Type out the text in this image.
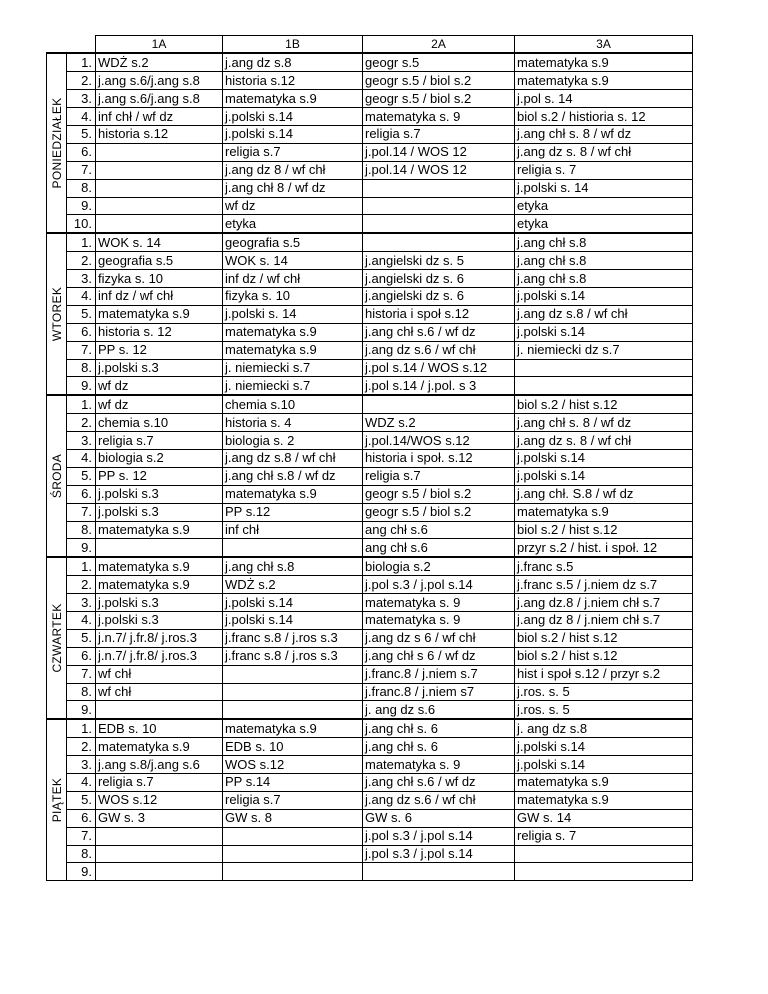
		1A	1B	2A	3A

PONIEDZIAŁEK	1.	WDŻ s.2	j.ang dz s.8	geogr s.5	matematyka s.9
	2.	j.ang s.6/j.ang s.8	historia s.12	geogr s.5 / biol s.2	matematyka s.9
	3.	j.ang s.6/j.ang s.8	matematyka s.9	geogr s.5 / biol s.2	j.pol s. 14
	4.	inf chł / wf dz	j.polski s.14	matematyka s. 9	biol s.2 / histioria s. 12
	5.	historia s.12	j.polski s.14	religia s.7	j.ang chł s. 8 / wf dz
	6.		religia s.7	j.pol.14 / WOS 12	j.ang dz s. 8 / wf chł
	7.		j.ang dz 8 / wf chł	j.pol.14 / WOS 12	religia s. 7
	8.		j.ang chł 8 / wf dz		j.polski s. 14
	9.		wf dz		etyka
	10.		etyka		etyka

WTOREK	1.	WOK s. 14	geografia s.5		j.ang chł s.8
	2.	geografia s.5	WOK s. 14	j.angielski dz s. 5	j.ang chł s.8
	3.	fizyka s. 10	inf dz / wf chł	j.angielski dz s. 6	j.ang chł s.8
	4.	inf dz / wf chł	fizyka s. 10	j.angielski dz s. 6	j.polski s.14
	5.	matematyka s.9	j.polski s. 14	historia i społ s.12	j.ang dz s.8 / wf chł
	6.	historia s. 12	matematyka s.9	j.ang chł s.6 / wf dz	j.polski s.14
	7.	PP s. 12	matematyka s.9	j.ang dz s.6 / wf chł	j. niemiecki dz s.7
	8.	j.polski s.3	j. niemiecki s.7	j.pol s.14 / WOS s.12	
	9.	wf dz	j. niemiecki s.7	j.pol s.14 / j.pol. s 3	

ŚRODA	1.	wf dz	chemia s.10		biol s.2 / hist s.12
	2.	chemia s.10	historia s. 4	WDZ s.2	j.ang chł s. 8 / wf dz
	3.	religia s.7	biologia s. 2	j.pol.14/WOS s.12	j.ang dz s. 8 / wf chł
	4.	biologia s.2	j.ang dz s.8 / wf chł	historia i społ. s.12	j.polski s.14
	5.	PP s. 12	j.ang chł s.8 / wf dz	religia s.7	j.polski s.14
	6.	j.polski s.3	matematyka s.9	geogr s.5 / biol s.2	j.ang chł. S.8 / wf dz
	7.	j.polski s.3	PP s.12	geogr s.5 / biol s.2	matematyka s.9
	8.	matematyka s.9	inf chł	ang chł s.6	biol s.2 / hist s.12
	9.			ang chł s.6	przyr s.2 / hist. i społ. 12

CZWARTEK	1.	matematyka s.9	j.ang chł s.8	biologia s.2	j.franc s.5
	2.	matematyka s.9	WDŻ s.2	j.pol s.3 / j.pol s.14	j.franc s.5 / j.niem dz s.7
	3.	j.polski s.3	j.polski s.14	matematyka s. 9	j.ang dz.8 / j.niem chł s.7
	4.	j.polski s.3	j.polski s.14	matematyka s. 9	j.ang dz 8 / j.niem chł s.7
	5.	j.n.7/ j.fr.8/ j.ros.3	j.franc s.8 / j.ros s.3	j.ang dz s 6 / wf chł	biol s.2 / hist s.12
	6.	j.n.7/ j.fr.8/ j.ros.3	j.franc s.8 / j.ros s.3	j.ang chł s 6 / wf dz	biol s.2 / hist s.12
	7.	wf chł		j.franc.8 / j.niem s.7	hist i społ s.12 / przyr s.2
	8.	wf chł		j.franc.8 / j.niem s7	j.ros. s. 5
	9.			j. ang dz s.6	j.ros. s. 5

PIĄTEK	1.	EDB s. 10	matematyka s.9	j.ang chł s. 6	j. ang dz s.8
	2.	matematyka s.9	EDB s. 10	j.ang chł s. 6	j.polski s.14
	3.	j.ang s.8/j.ang s.6	WOS s.12	matematyka s. 9	j.polski s.14
	4.	religia s.7	PP s.14	j.ang chł s.6 / wf dz	matematyka s.9
	5.	WOS s.12	religia s.7	j.ang dz s.6 / wf chł	matematyka s.9
	6.	GW s. 3	GW s. 8	GW s. 6	GW s. 14
	7.			j.pol s.3 / j.pol s.14	religia s. 7
	8.			j.pol s.3 / j.pol s.14	
	9.				
